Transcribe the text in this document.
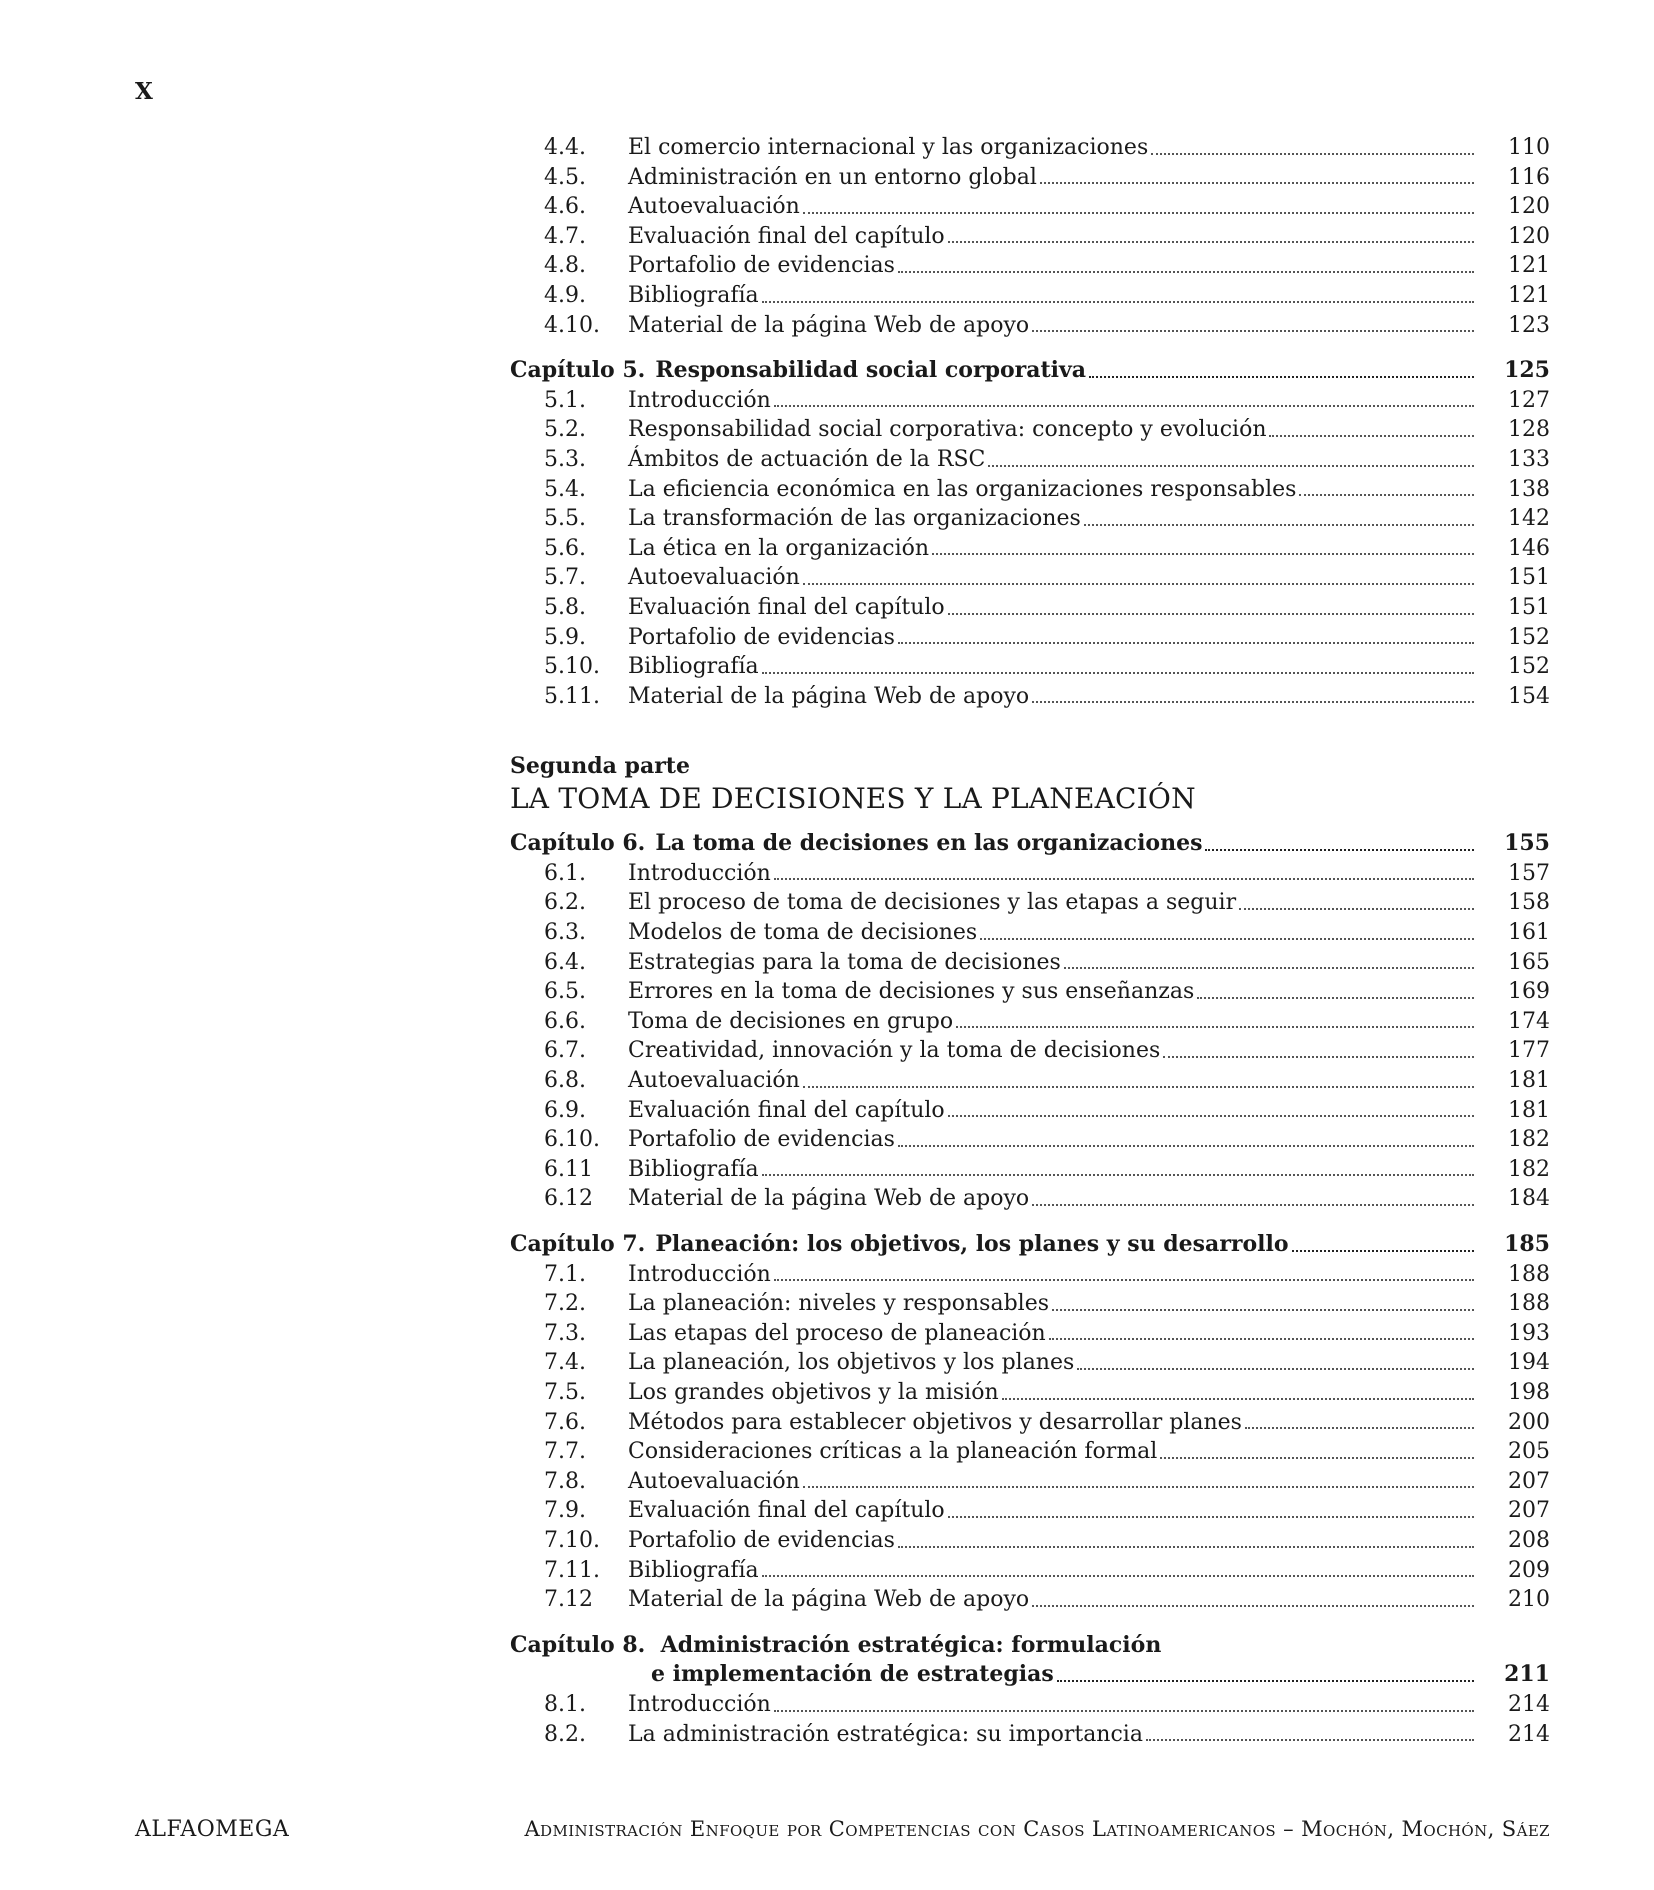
X
4.4.	El comercio internacional y las organizaciones	110
4.5.	Administración en un entorno global	116
4.6.	Autoevaluación	120
4.7.	Evaluación final del capítulo	120
4.8.	Portafolio de evidencias	121
4.9.	Bibliografía	121
4.10.	Material de la página Web de apoyo	123
Capítulo 5. Responsabilidad social corporativa	125
5.1.	Introducción	127
5.2.	Responsabilidad social corporativa: concepto y evolución	128
5.3.	Ámbitos de actuación de la RSC	133
5.4.	La eficiencia económica en las organizaciones responsables	138
5.5.	La transformación de las organizaciones	142
5.6.	La ética en la organización	146
5.7.	Autoevaluación	151
5.8.	Evaluación final del capítulo	151
5.9.	Portafolio de evidencias	152
5.10.	Bibliografía	152
5.11.	Material de la página Web de apoyo	154
Segunda parte
LA TOMA DE DECISIONES Y LA PLANEACIÓN
Capítulo 6. La toma de decisiones en las organizaciones	155
6.1.	Introducción	157
6.2.	El proceso de toma de decisiones y las etapas a seguir	158
6.3.	Modelos de toma de decisiones	161
6.4.	Estrategias para la toma de decisiones	165
6.5.	Errores en la toma de decisiones y sus enseñanzas	169
6.6.	Toma de decisiones en grupo	174
6.7.	Creatividad, innovación y la toma de decisiones	177
6.8.	Autoevaluación	181
6.9.	Evaluación final del capítulo	181
6.10.	Portafolio de evidencias	182
6.11	Bibliografía	182
6.12	Material de la página Web de apoyo	184
Capítulo 7. Planeación: los objetivos, los planes y su desarrollo	185
7.1.	Introducción	188
7.2.	La planeación: niveles y responsables	188
7.3.	Las etapas del proceso de planeación	193
7.4.	La planeación, los objetivos y los planes	194
7.5.	Los grandes objetivos y la misión	198
7.6.	Métodos para establecer objetivos y desarrollar planes	200
7.7.	Consideraciones críticas a la planeación formal	205
7.8.	Autoevaluación	207
7.9.	Evaluación final del capítulo	207
7.10.	Portafolio de evidencias	208
7.11.	Bibliografía	209
7.12	Material de la página Web de apoyo	210
Capítulo 8. Administración estratégica: formulación
e implementación de estrategias	211
8.1.	Introducción	214
8.2.	La administración estratégica: su importancia	214
ALFAOMEGA	Administración Enfoque por Competencias con Casos Latinoamericanos – Mochón, Mochón, Sáez
